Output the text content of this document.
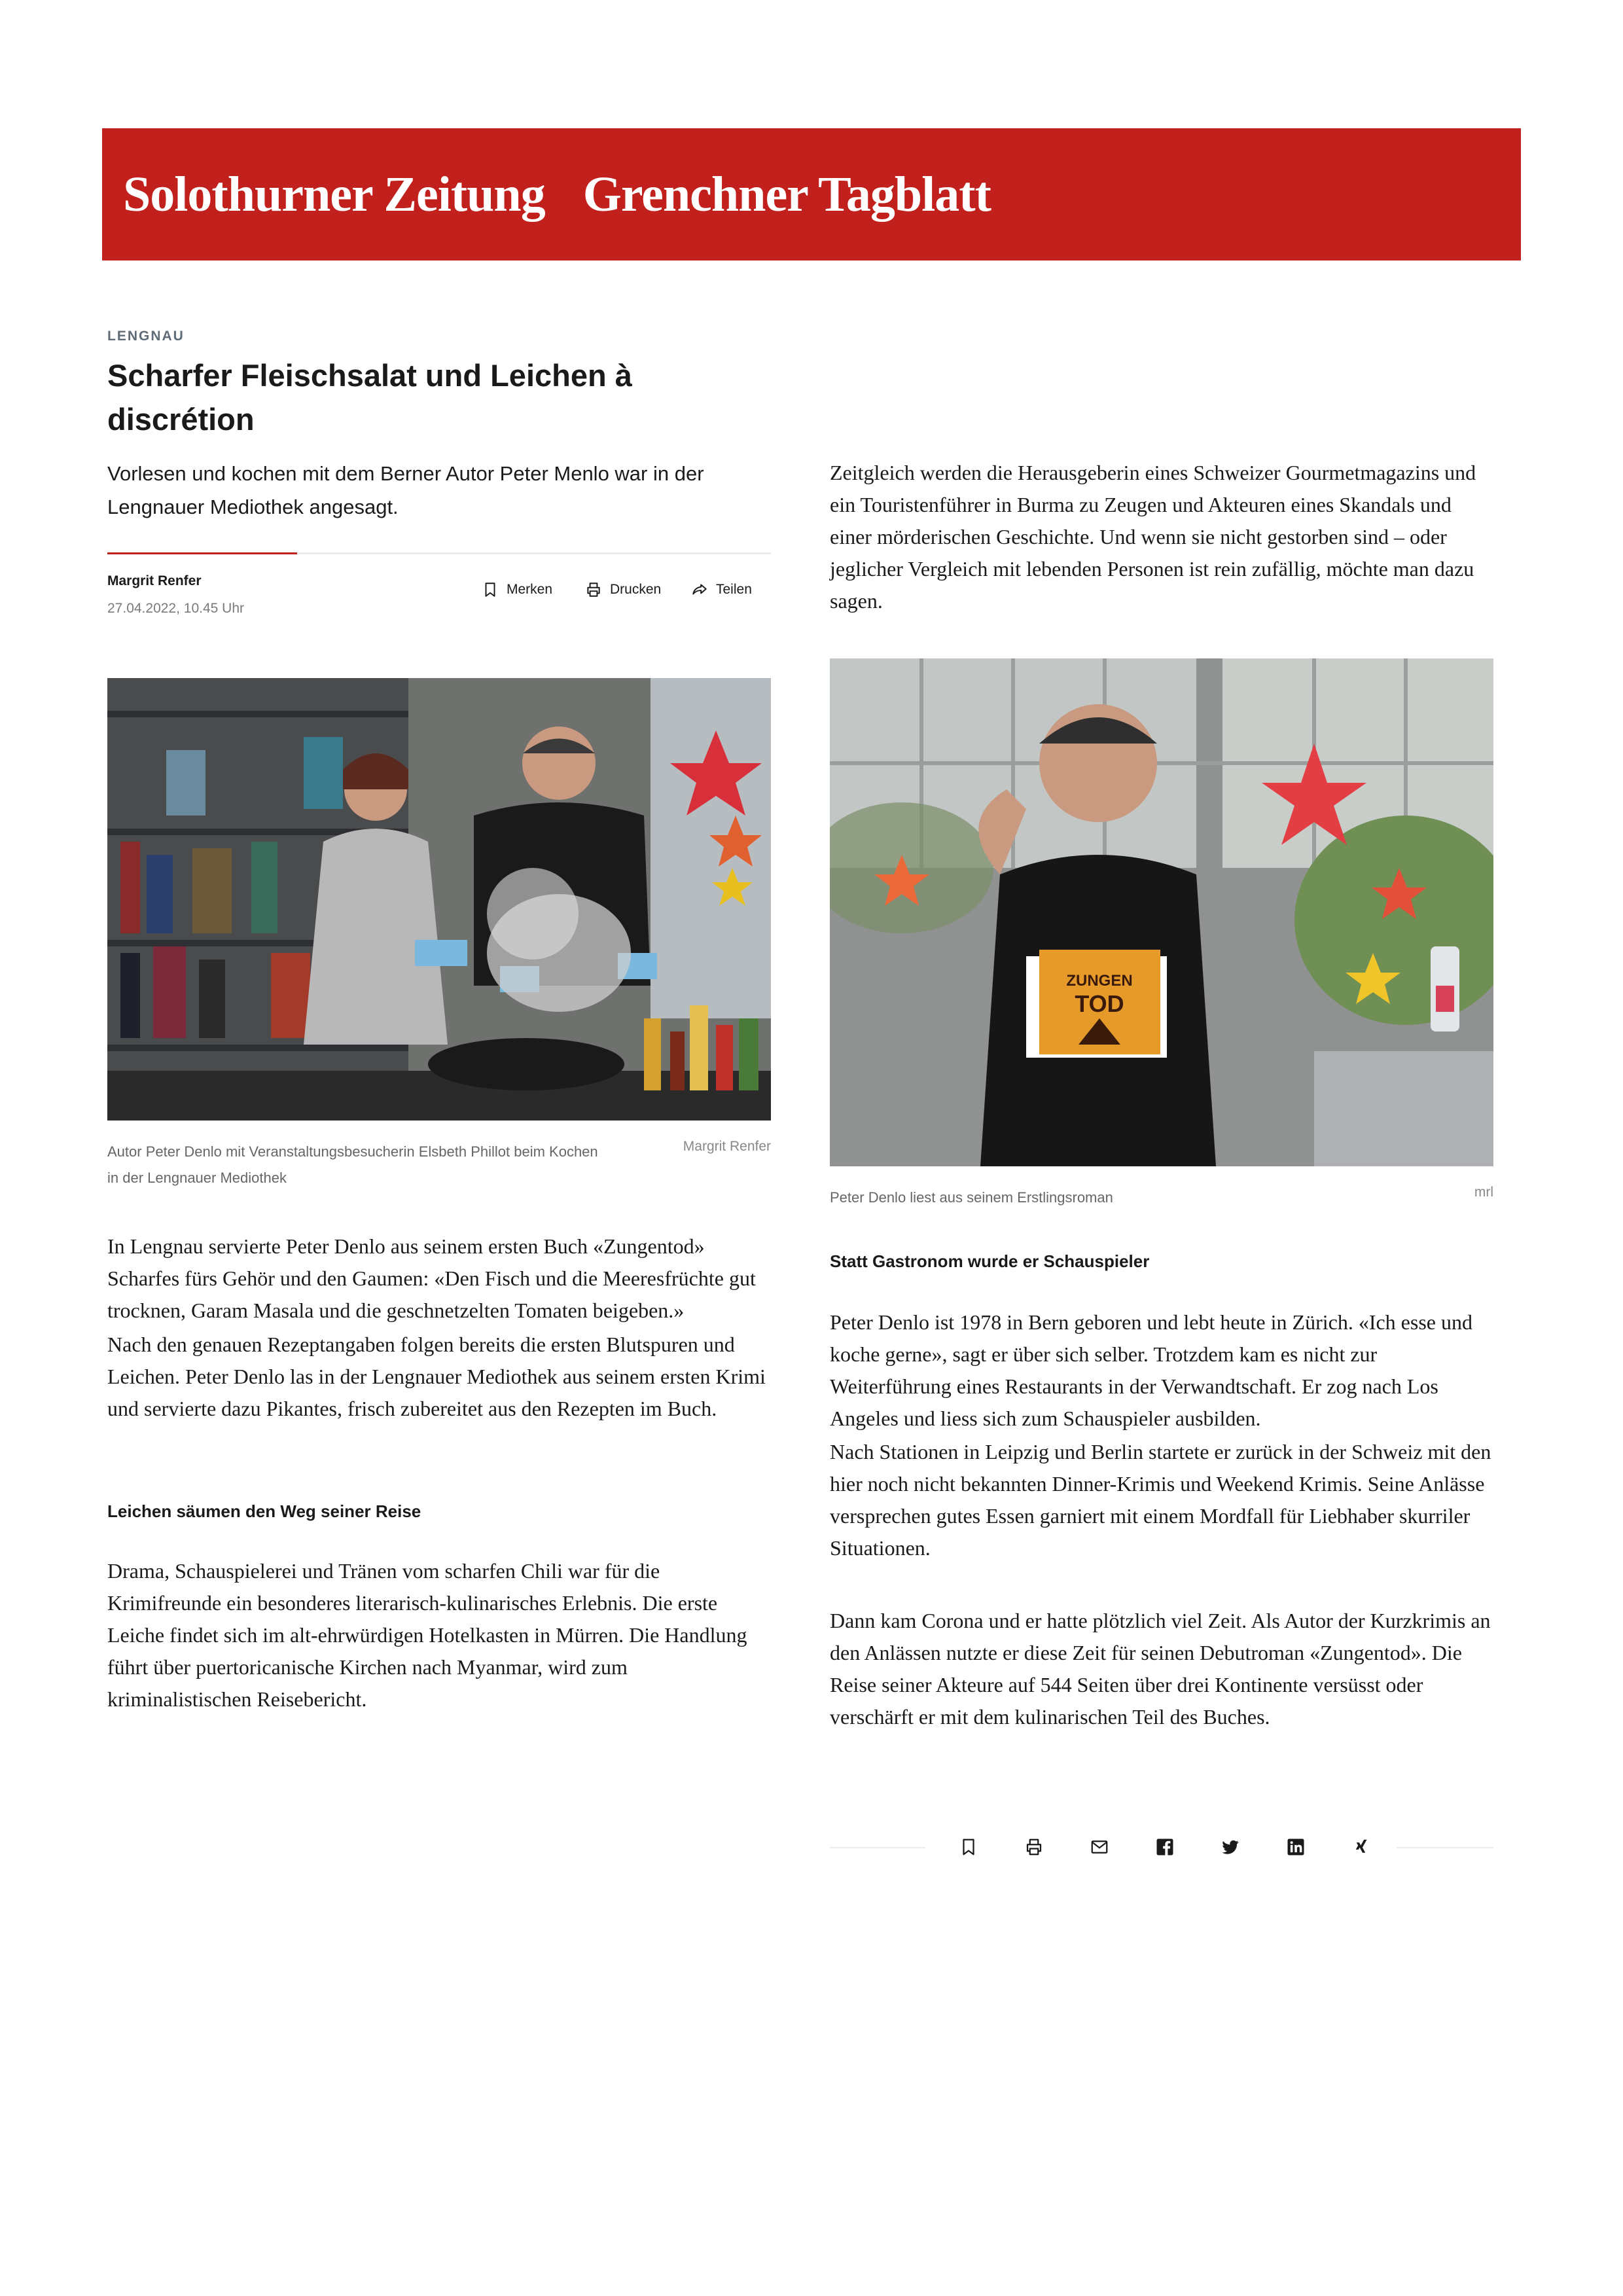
Solothurner Zeitung Grenchner Tagblatt
LENGNAU
Scharfer Fleischsalat und Leichen à discrétion

Vorlesen und kochen mit dem Berner Autor Peter Menlo war in der Lengnauer Mediothek angesagt.

Margrit Renfer
27.04.2022, 10.45 Uhr
Merken	Drucken	Teilen
Autor Peter Denlo mit Veranstaltungsbesucherin Elsbeth Phillot beim Kochen in der Lengnauer Mediothek
Margrit Renfer
ZUNGEN
TOD
Peter Denlo liest aus seinem Erstlingsroman	mrl

Zeitgleich werden die Herausgeberin eines Schweizer Gourmetmagazins und ein Touristenführer in Burma zu Zeugen und Akteuren eines Skandals und einer mörderischen Geschichte. Und wenn sie nicht gestorben sind – oder jeglicher Vergleich mit lebenden Personen ist rein zufällig, möchte man dazu sagen.

In Lengnau servierte Peter Denlo aus seinem ersten Buch «Zungentod» Scharfes fürs Gehör und den Gaumen: «Den Fisch und die Meeresfrüchte gut trocknen, Garam Masala und die geschnetzelten Tomaten beigeben.»

Nach den genauen Rezeptangaben folgen bereits die ersten Blutspuren und Leichen. Peter Denlo las in der Lengnauer Mediothek aus seinem ersten Krimi und servierte dazu Pikantes, frisch zubereitet aus den Rezepten im Buch.

Leichen säumen den Weg seiner Reise

Drama, Schauspielerei und Tränen vom scharfen Chili war für die Krimifreunde ein besonderes literarisch-kulinarisches Erlebnis. Die erste Leiche findet sich im alt-ehrwürdigen Hotelkasten in Mürren. Die Handlung führt über puertoricanische Kirchen nach Myanmar, wird zum kriminalistischen Reisebericht.

Statt Gastronom wurde er Schauspieler

Peter Denlo ist 1978 in Bern geboren und lebt heute in Zürich. «Ich esse und koche gerne», sagt er über sich selber. Trotzdem kam es nicht zur Weiterführung eines Restaurants in der Verwandtschaft. Er zog nach Los Angeles und liess sich zum Schauspieler ausbilden.

Nach Stationen in Leipzig und Berlin startete er zurück in der Schweiz mit den hier noch nicht bekannten Dinner-Krimis und Weekend Krimis. Seine Anlässe versprechen gutes Essen garniert mit einem Mordfall für Liebhaber skurriler Situationen.

Dann kam Corona und er hatte plötzlich viel Zeit. Als Autor der Kurzkrimis an den Anlässen nutzte er diese Zeit für seinen Debutroman «Zungentod». Die Reise seiner Akteure auf 544 Seiten über drei Kontinente versüsst oder verschärft er mit dem kulinarischen Teil des Buches.
